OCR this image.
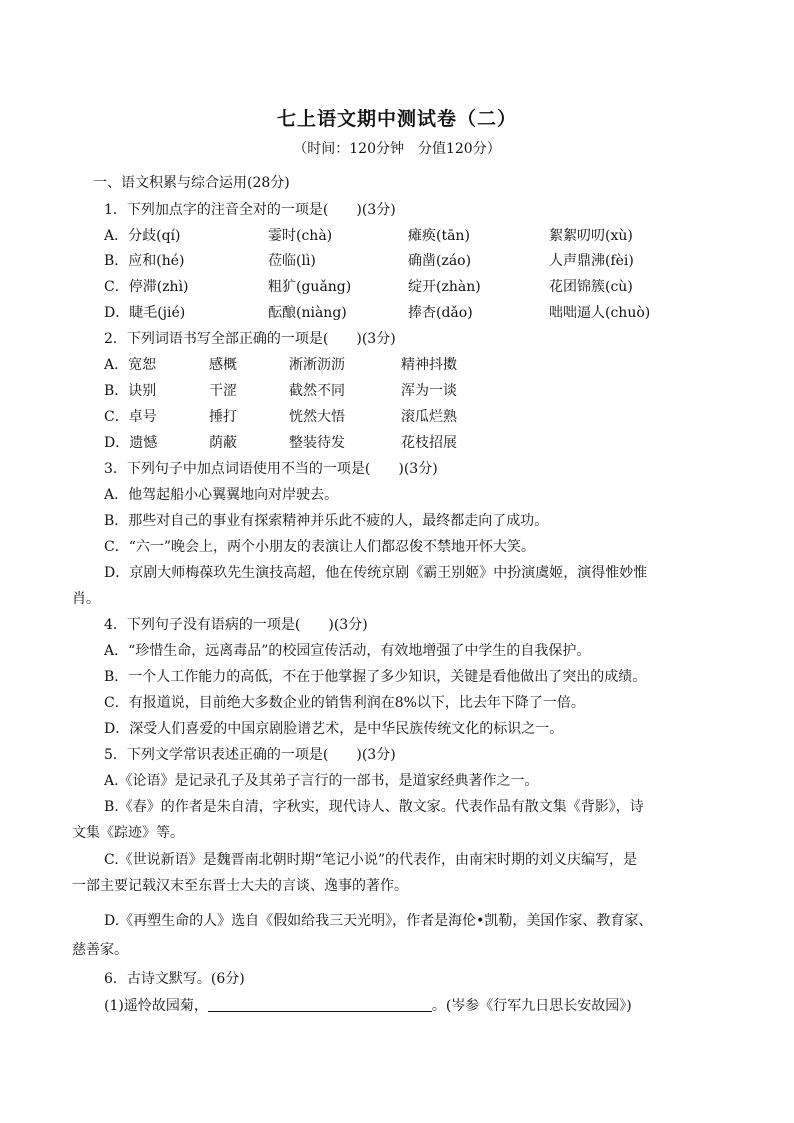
七上语文期中测试卷（二）
（时间：120分钟　分值120分）
一、语文积累与综合运用(28分)
1．下列加点字的注音全对的一项是(　　)(3分)
A．分歧(qí)	霎时(chà)	瘫痪(tān)	絮絮叨叨(xù)
B．应和(hé)	莅临(lì)	确凿(záo)	人声鼎沸(fèi)
C．停滞(zhì)	粗犷(guǎng)	绽开(zhàn)	花团锦簇(cù)
D．睫毛(jié)	酝酿(niàng)	捧杏(dǎo)	咄咄逼人(chuò)
2．下列词语书写全部正确的一项是(　　)(3分)
A．宽恕	感概	淅淅沥沥	精神抖擞
B．诀别	干涩	截然不同	浑为一谈
C．卓号	捶打	恍然大悟	滚瓜烂熟
D．遗憾	荫蔽	整装待发	花枝招展
3．下列句子中加点词语使用不当的一项是(　　)(3分)
A．他驾起船小心翼翼地向对岸驶去。
B．那些对自己的事业有探索精神并乐此不疲的人，最终都走向了成功。
C．“六一”晚会上，两个小朋友的表演让人们都忍俊不禁地开怀大笑。
D．京剧大师梅葆玖先生演技高超，他在传统京剧《霸王别姬》中扮演虞姬，演得惟妙惟
肖。
4．下列句子没有语病的一项是(　　)(3分)
A．“珍惜生命，远离毒品”的校园宣传活动，有效地增强了中学生的自我保护。
B．一个人工作能力的高低，不在于他掌握了多少知识，关键是看他做出了突出的成绩。
C．有报道说，目前绝大多数企业的销售利润在8%以下，比去年下降了一倍。
D．深受人们喜爱的中国京剧脸谱艺术，是中华民族传统文化的标识之一。
5．下列文学常识表述正确的一项是(　　)(3分)
A.《论语》是记录孔子及其弟子言行的一部书，是道家经典著作之一。
B.《春》的作者是朱自清，字秋实，现代诗人、散文家。代表作品有散文集《背影》，诗
文集《踪迹》等。
C.《世说新语》是魏晋南北朝时期“笔记小说”的代表作，由南宋时期的刘义庆编写，是
一部主要记载汉末至东晋士大夫的言谈、逸事的著作。
D.《再塑生命的人》选自《假如给我三天光明》，作者是海伦•凯勒，美国作家、教育家、
慈善家。
6．古诗文默写。(6分)
(1)遥怜故园菊，	。(岑参《行军九日思长安故园》)
